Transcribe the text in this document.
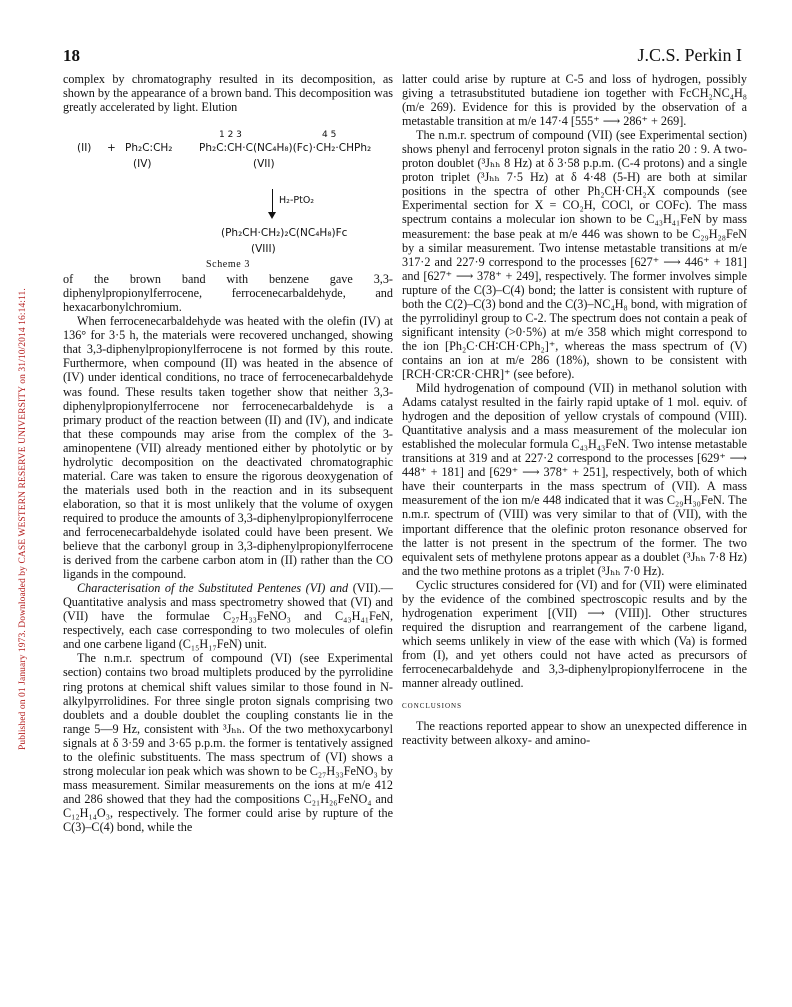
18	J.C.S. Perkin I
Published on 01 January 1973. Downloaded by CASE WESTERN RESERVE UNIVERSITY on 31/10/2014 16:14:11.

complex by chromatography resulted in its decomposition, as shown by the appearance of a brown band. This decomposition was greatly accelerated by light. Elution

(II) + Ph₂C:CH₂
(IV)
1 2 3	4 5
Ph₂C:CH·C(NC₄H₈)(Fc)·CH₂·CHPh₂
(VII)
H₂-PtO₂
(Ph₂CH·CH₂)₂C(NC₄H₈)Fc
(VIII)
Scheme 3

of the brown band with benzene gave 3,3-diphenylpropionylferrocene, ferrocenecarbaldehyde, and hexacarbonylchromium.

When ferrocenecarbaldehyde was heated with the olefin (IV) at 136° for 3·5 h, the materials were recovered unchanged, showing that 3,3-diphenylpropionylferrocene is not formed by this route. Furthermore, when compound (II) was heated in the absence of (IV) under identical conditions, no trace of ferrocenecarbaldehyde was found. These results taken together show that neither 3,3-diphenylpropionylferrocene nor ferrocenecarbaldehyde is a primary product of the reaction between (II) and (IV), and indicate that these compounds may arise from the complex of the 3-aminopentene (VII) already mentioned either by photolytic or by hydrolytic decomposition on the deactivated chromatographic material. Care was taken to ensure the rigorous deoxygenation of the materials used both in the reaction and in its subsequent elaboration, so that it is most unlikely that the volume of oxygen required to produce the amounts of 3,3-diphenylpropionylferrocene and ferrocenecarbaldehyde isolated could have been present. We believe that the carbonyl group in 3,3-diphenylpropionylferrocene is derived from the carbene carbon atom in (II) rather than the CO ligands in the compound.

Characterisation of the Substituted Pentenes (VI) and (VII).—Quantitative analysis and mass spectrometry showed that (VI) and (VII) have the formulae C₂₇H₃₃FeNO₃ and C₄₃H₄₁FeN, respectively, each case corresponding to two molecules of olefin and one carbene ligand (C₁₅H₁₇FeN) unit.

The n.m.r. spectrum of compound (VI) (see Experimental section) contains two broad multiplets produced by the pyrrolidine ring protons at chemical shift values similar to those found in N-alkylpyrrolidines. For three single proton signals comprising two doublets and a double doublet the coupling constants lie in the range 5—9 Hz, consistent with ³Jₕₕ. Of the two methoxycarbonyl signals at δ 3·59 and 3·65 p.p.m. the former is tentatively assigned to the olefinic substituents. The mass spectrum of (VI) shows a strong molecular ion peak which was shown to be C₂₇H₃₃FeNO₃ by mass measurement. Similar measurements on the ions at m/e 412 and 286 showed that they had the compositions C₂₁H₂₆FeNO₄ and C₁₂H₁₄O₃, respectively. The former could arise by rupture of the C(3)–C(4) bond, while the

latter could arise by rupture at C-5 and loss of hydrogen, possibly giving a tetrasubstituted butadiene ion together with FcCH₂NC₄H₈ (m/e 269). Evidence for this is provided by the observation of a metastable transition at m/e 147·4 [555⁺ ⟶ 286⁺ + 269].

The n.m.r. spectrum of compound (VII) (see Experimental section) shows phenyl and ferrocenyl proton signals in the ratio 20 : 9. A two-proton doublet (³Jₕₕ 8 Hz) at δ 3·58 p.p.m. (C-4 protons) and a single proton triplet (³Jₕₕ 7·5 Hz) at δ 4·48 (5-H) are both at similar positions in the spectra of other Ph₂CH·CH₂X compounds (see Experimental section for X = CO₂H, COCl, or COFc). The mass spectrum contains a molecular ion shown to be C₄₃H₄₁FeN by mass measurement: the base peak at m/e 446 was shown to be C₂₉H₂₈FeN by a similar measurement. Two intense metastable transitions at m/e 317·2 and 227·9 correspond to the processes [627⁺ ⟶ 446⁺ + 181] and [627⁺ ⟶ 378⁺ + 249], respectively. The former involves simple rupture of the C(3)–C(4) bond; the latter is consistent with rupture of both the C(2)–C(3) bond and the C(3)–NC₄H₈ bond, with migration of the pyrrolidinyl group to C-2. The spectrum does not contain a peak of significant intensity (>0·5%) at m/e 358 which might correspond to the ion [Ph₂C·CH∶CH·CPh₂]⁺, whereas the mass spectrum of (V) contains an ion at m/e 286 (18%), shown to be consistent with [RCH·CR∶CR·CHR]⁺ (see before).

Mild hydrogenation of compound (VII) in methanol solution with Adams catalyst resulted in the fairly rapid uptake of 1 mol. equiv. of hydrogen and the deposition of yellow crystals of compound (VIII). Quantitative analysis and a mass measurement of the molecular ion established the molecular formula C₄₃H₄₃FeN. Two intense metastable transitions at 319 and at 227·2 correspond to the processes [629⁺ ⟶ 448⁺ + 181] and [629⁺ ⟶ 378⁺ + 251], respectively, both of which have their counterparts in the mass spectrum of (VII). A mass measurement of the ion m/e 448 indicated that it was C₂₉H₃₀FeN. The n.m.r. spectrum of (VIII) was very similar to that of (VII), with the important difference that the olefinic proton resonance observed for the latter is not present in the spectrum of the former. The two equivalent sets of methylene protons appear as a doublet (³Jₕₕ 7·8 Hz) and the two methine protons as a triplet (³Jₕₕ 7·0 Hz).

Cyclic structures considered for (VI) and for (VII) were eliminated by the evidence of the combined spectroscopic results and by the hydrogenation experiment [(VII) ⟶ (VIII)]. Other structures required the disruption and rearrangement of the carbene ligand, which seems unlikely in view of the ease with which (Va) is formed from (I), and yet others could not have acted as precursors of ferrocenecarbaldehyde and 3,3-diphenylpropionylferrocene in the manner already outlined.

conclusions

The reactions reported appear to show an unexpected difference in reactivity between alkoxy- and amino-
